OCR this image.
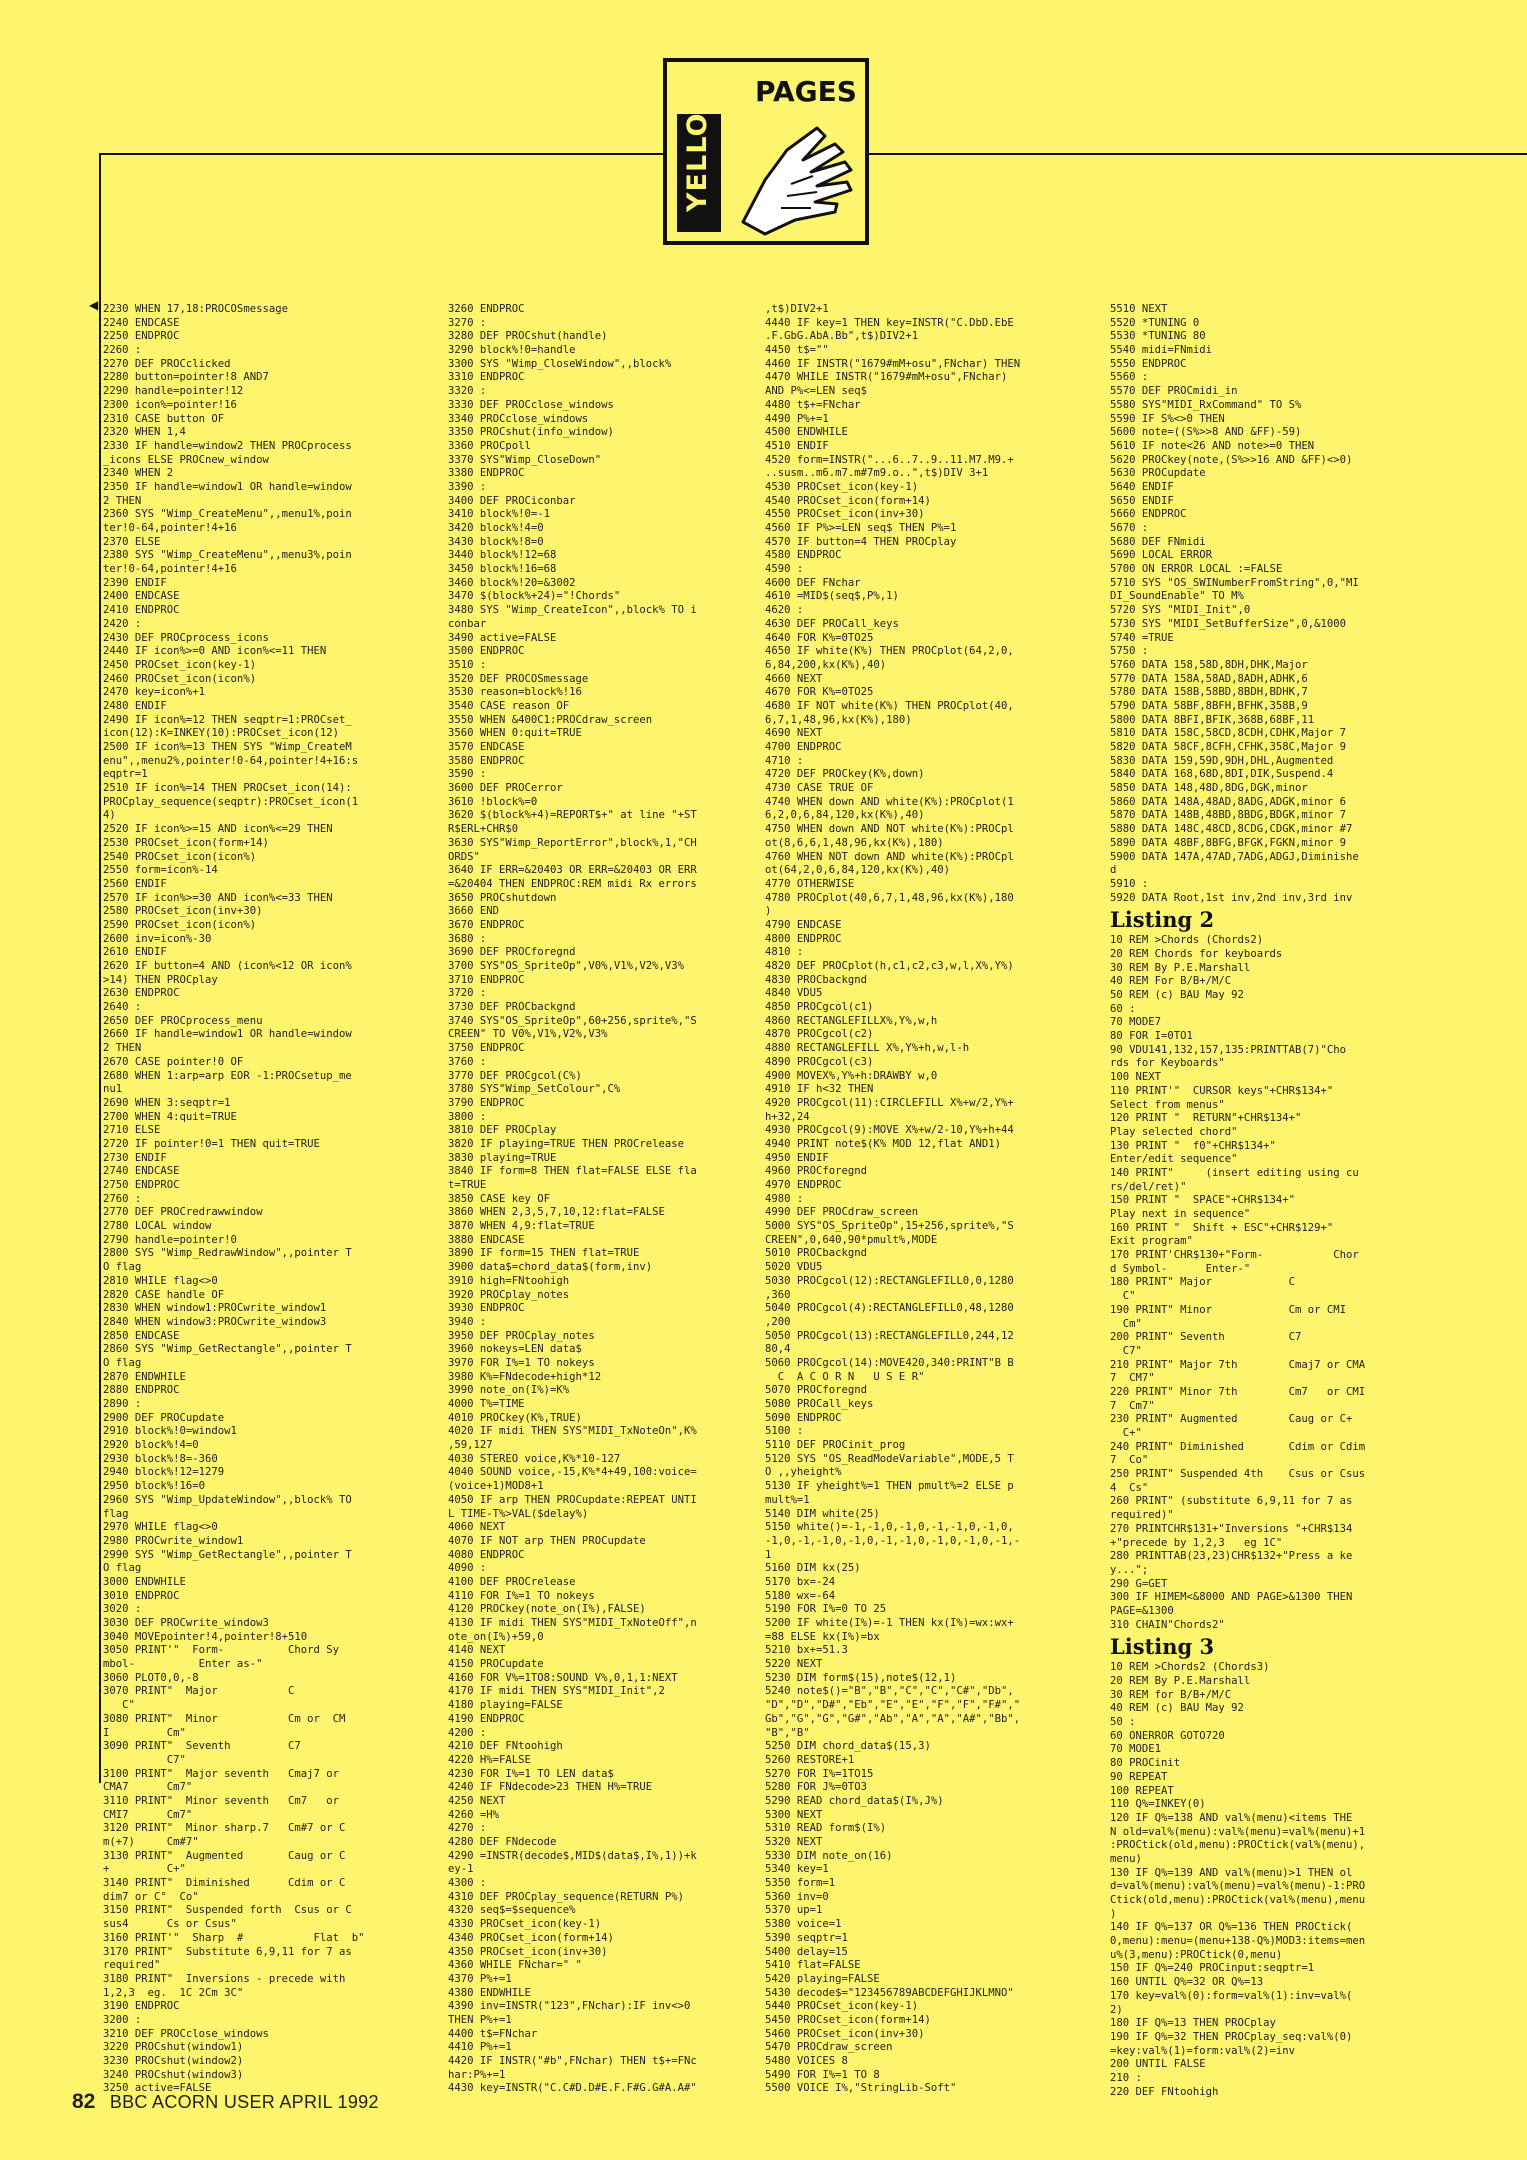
PAGES

YELLOW

◀ 2230 WHEN 17,18:PROCOSmessage
2240 ENDCASE
2250 ENDPROC
2260 :
2270 DEF PROCclicked
2280 button=pointer!8 AND7
2290 handle=pointer!12
2300 icon%=pointer!16
2310 CASE button OF
2320 WHEN 1,4
2330 IF handle=window2 THEN PROCprocess
_icons ELSE PROCnew_window
2340 WHEN 2
2350 IF handle=window1 OR handle=window
2 THEN
2360 SYS "Wimp_CreateMenu",,menu1%,poin
ter!0-64,pointer!4+16
2370 ELSE
2380 SYS "Wimp_CreateMenu",,menu3%,poin
ter!0-64,pointer!4+16
2390 ENDIF
2400 ENDCASE
2410 ENDPROC
2420 :
2430 DEF PROCprocess_icons
2440 IF icon%>=0 AND icon%<=11 THEN
2450 PROCset_icon(key-1)
2460 PROCset_icon(icon%)
2470 key=icon%+1
2480 ENDIF
2490 IF icon%=12 THEN seqptr=1:PROCset_
icon(12):K=INKEY(10):PROCset_icon(12)
2500 IF icon%=13 THEN SYS "Wimp_CreateM
enu",,menu2%,pointer!0-64,pointer!4+16:s
eqptr=1
2510 IF icon%=14 THEN PROCset_icon(14):
PROCplay_sequence(seqptr):PROCset_icon(1
4)
2520 IF icon%>=15 AND icon%<=29 THEN
2530 PROCset_icon(form+14)
2540 PROCset_icon(icon%)
2550 form=icon%-14
2560 ENDIF
2570 IF icon%>=30 AND icon%<=33 THEN
2580 PROCset_icon(inv+30)
2590 PROCset_icon(icon%)
2600 inv=icon%-30
2610 ENDIF
2620 IF button=4 AND (icon%<12 OR icon%
>14) THEN PROCplay
2630 ENDPROC
2640 :
2650 DEF PROCprocess_menu
2660 IF handle=window1 OR handle=window
2 THEN
2670 CASE pointer!0 OF
2680 WHEN 1:arp=arp EOR -1:PROCsetup_me
nu1
2690 WHEN 3:seqptr=1
2700 WHEN 4:quit=TRUE
2710 ELSE
2720 IF pointer!0=1 THEN quit=TRUE
2730 ENDIF
2740 ENDCASE
2750 ENDPROC
2760 :
2770 DEF PROCredrawwindow
2780 LOCAL window
2790 handle=pointer!0
2800 SYS "Wimp_RedrawWindow",,pointer T
O flag
2810 WHILE flag<>0
2820 CASE handle OF
2830 WHEN window1:PROCwrite_window1
2840 WHEN window3:PROCwrite_window3
2850 ENDCASE
2860 SYS "Wimp_GetRectangle",,pointer T
O flag
2870 ENDWHILE
2880 ENDPROC
2890 :
2900 DEF PROCupdate
2910 block%!0=window1
2920 block%!4=0
2930 block%!8=-360
2940 block%!12=1279
2950 block%!16=0
2960 SYS "Wimp_UpdateWindow",,block% TO
flag
2970 WHILE flag<>0
2980 PROCwrite_window1
2990 SYS "Wimp_GetRectangle",,pointer T
O flag
3000 ENDWHILE
3010 ENDPROC
3020 :
3030 DEF PROCwrite_window3
3040 MOVEpointer!4,pointer!8+510
3050 PRINT'"  Form-          Chord Sy
mbol-          Enter as-"
3060 PLOT0,0,-8
3070 PRINT"  Major           C
C"
3080 PRINT"  Minor           Cm or  CM
I         Cm"
3090 PRINT"  Seventh         C7
C7"
3100 PRINT"  Major seventh   Cmaj7 or
CMA7      Cm7"
3110 PRINT"  Minor seventh   Cm7   or
CMI7      Cm7"
3120 PRINT"  Minor sharp.7   Cm#7 or C
m(+7)     Cm#7"
3130 PRINT"  Augmented       Caug or C
+         C+"
3140 PRINT"  Diminished      Cdim or C
dim7 or C°  Co"
3150 PRINT"  Suspended forth  Csus or C
sus4      Cs or Csus"
3160 PRINT'"  Sharp  #           Flat  b"
3170 PRINT"  Substitute 6,9,11 for 7 as
required"
3180 PRINT"  Inversions - precede with
1,2,3  eg.  1C 2Cm 3C"
3190 ENDPROC
3200 :
3210 DEF PROCclose_windows
3220 PROCshut(window1)
3230 PROCshut(window2)
3240 PROCshut(window3)
3250 active=FALSE
3260 ENDPROC
3270 :
3280 DEF PROCshut(handle)
3290 block%!0=handle
3300 SYS "Wimp_CloseWindow",,block%
3310 ENDPROC
3320 :
3330 DEF PROCclose_windows
3340 PROCclose_windows
3350 PROCshut(info_window)
3360 PROCpoll
3370 SYS"Wimp_CloseDown"
3380 ENDPROC
3390 :
3400 DEF PROCiconbar
3410 block%!0=-1
3420 block%!4=0
3430 block%!8=0
3440 block%!12=68
3450 block%!16=68
3460 block%!20=&3002
3470 $(block%+24)="!Chords"
3480 SYS "Wimp_CreateIcon",,block% TO i
conbar
3490 active=FALSE
3500 ENDPROC
3510 :
3520 DEF PROCOSmessage
3530 reason=block%!16
3540 CASE reason OF
3550 WHEN &400C1:PROCdraw_screen
3560 WHEN 0:quit=TRUE
3570 ENDCASE
3580 ENDPROC
3590 :
3600 DEF PROCerror
3610 !block%=0
3620 $(block%+4)=REPORT$+" at line "+ST
R$ERL+CHR$0
3630 SYS"Wimp_ReportError",block%,1,"CH
ORDS"
3640 IF ERR=&20403 OR ERR=&20403 OR ERR
=&20404 THEN ENDPROC:REM midi Rx errors
3650 PROCshutdown
3660 END
3670 ENDPROC
3680 :
3690 DEF PROCforegnd
3700 SYS"OS_SpriteOp",V0%,V1%,V2%,V3%
3710 ENDPROC
3720 :
3730 DEF PROCbackgnd
3740 SYS"OS_SpriteOp",60+256,sprite%,"S
CREEN" TO V0%,V1%,V2%,V3%
3750 ENDPROC
3760 :
3770 DEF PROCgcol(C%)
3780 SYS"Wimp_SetColour",C%
3790 ENDPROC
3800 :
3810 DEF PROCplay
3820 IF playing=TRUE THEN PROCrelease
3830 playing=TRUE
3840 IF form=8 THEN flat=FALSE ELSE fla
t=TRUE
3850 CASE key OF
3860 WHEN 2,3,5,7,10,12:flat=FALSE
3870 WHEN 4,9:flat=TRUE
3880 ENDCASE
3890 IF form=15 THEN flat=TRUE
3900 data$=chord_data$(form,inv)
3910 high=FNtoohigh
3920 PROCplay_notes
3930 ENDPROC
3940 :
3950 DEF PROCplay_notes
3960 nokeys=LEN data$
3970 FOR I%=1 TO nokeys
3980 K%=FNdecode+high*12
3990 note_on(I%)=K%
4000 T%=TIME
4010 PROCkey(K%,TRUE)
4020 IF midi THEN SYS"MIDI_TxNoteOn",K%
,59,127
4030 STEREO voice,K%*10-127
4040 SOUND voice,-15,K%*4+49,100:voice=
(voice+1)MOD8+1
4050 IF arp THEN PROCupdate:REPEAT UNTI
L TIME-T%>VAL($delay%)
4060 NEXT
4070 IF NOT arp THEN PROCupdate
4080 ENDPROC
4090 :
4100 DEF PROCrelease
4110 FOR I%=1 TO nokeys
4120 PROCkey(note_on(I%),FALSE)
4130 IF midi THEN SYS"MIDI_TxNoteOff",n
ote_on(I%)+59,0
4140 NEXT
4150 PROCupdate
4160 FOR V%=1TO8:SOUND V%,0,1,1:NEXT
4170 IF midi THEN SYS"MIDI_Init",2
4180 playing=FALSE
4190 ENDPROC
4200 :
4210 DEF FNtoohigh
4220 H%=FALSE
4230 FOR I%=1 TO LEN data$
4240 IF FNdecode>23 THEN H%=TRUE
4250 NEXT
4260 =H%
4270 :
4280 DEF FNdecode
4290 =INSTR(decode$,MID$(data$,I%,1))+k
ey-1
4300 :
4310 DEF PROCplay_sequence(RETURN P%)
4320 seq$=$sequence%
4330 PROCset_icon(key-1)
4340 PROCset_icon(form+14)
4350 PROCset_icon(inv+30)
4360 WHILE FNchar=" "
4370 P%+=1
4380 ENDWHILE
4390 inv=INSTR("123",FNchar):IF inv<>0
THEN P%+=1
4400 t$=FNchar
4410 P%+=1
4420 IF INSTR("#b",FNchar) THEN t$+=FNc
har:P%+=1
4430 key=INSTR("C.C#D.D#E.F.F#G.G#A.A#"
,t$)DIV2+1
4440 IF key=1 THEN key=INSTR("C.DbD.EbE
.F.GbG.AbA.Bb",t$)DIV2+1
4450 t$=""
4460 IF INSTR("1679#mM+osu",FNchar) THEN
4470 WHILE INSTR("1679#mM+osu",FNchar)
AND P%<=LEN seq$
4480 t$+=FNchar
4490 P%+=1
4500 ENDWHILE
4510 ENDIF
4520 form=INSTR("...6..7..9..11.M7.M9.+
..susm..m6.m7.m#7m9.o..",t$)DIV 3+1
4530 PROCset_icon(key-1)
4540 PROCset_icon(form+14)
4550 PROCset_icon(inv+30)
4560 IF P%>=LEN seq$ THEN P%=1
4570 IF button=4 THEN PROCplay
4580 ENDPROC
4590 :
4600 DEF FNchar
4610 =MID$(seq$,P%,1)
4620 :
4630 DEF PROCall_keys
4640 FOR K%=0TO25
4650 IF white(K%) THEN PROCplot(64,2,0,
6,84,200,kx(K%),40)
4660 NEXT
4670 FOR K%=0TO25
4680 IF NOT white(K%) THEN PROCplot(40,
6,7,1,48,96,kx(K%),180)
4690 NEXT
4700 ENDPROC
4710 :
4720 DEF PROCkey(K%,down)
4730 CASE TRUE OF
4740 WHEN down AND white(K%):PROCplot(1
6,2,0,6,84,120,kx(K%),40)
4750 WHEN down AND NOT white(K%):PROCpl
ot(8,6,6,1,48,96,kx(K%),180)
4760 WHEN NOT down AND white(K%):PROCpl
ot(64,2,0,6,84,120,kx(K%),40)
4770 OTHERWISE
4780 PROCplot(40,6,7,1,48,96,kx(K%),180
)
4790 ENDCASE
4800 ENDPROC
4810 :
4820 DEF PROCplot(h,c1,c2,c3,w,l,X%,Y%)
4830 PROCbackgnd
4840 VDU5
4850 PROCgcol(c1)
4860 RECTANGLEFILLX%,Y%,w,h
4870 PROCgcol(c2)
4880 RECTANGLEFILL X%,Y%+h,w,l-h
4890 PROCgcol(c3)
4900 MOVEX%,Y%+h:DRAWBY w,0
4910 IF h<32 THEN
4920 PROCgcol(11):CIRCLEFILL X%+w/2,Y%+
h+32,24
4930 PROCgcol(9):MOVE X%+w/2-10,Y%+h+44
4940 PRINT note$(K% MOD 12,flat AND1)
4950 ENDIF
4960 PROCforegnd
4970 ENDPROC
4980 :
4990 DEF PROCdraw_screen
5000 SYS"OS_SpriteOp",15+256,sprite%,"S
CREEN",0,640,90*pmult%,MODE
5010 PROCbackgnd
5020 VDU5
5030 PROCgcol(12):RECTANGLEFILL0,0,1280
,360
5040 PROCgcol(4):RECTANGLEFILL0,48,1280
,200
5050 PROCgcol(13):RECTANGLEFILL0,244,12
80,4
5060 PROCgcol(14):MOVE420,340:PRINT"B B
C  A C O R N   U S E R"
5070 PROCforegnd
5080 PROCall_keys
5090 ENDPROC
5100 :
5110 DEF PROCinit_prog
5120 SYS "OS_ReadModeVariable",MODE,5 T
O ,,yheight%
5130 IF yheight%=1 THEN pmult%=2 ELSE p
mult%=1
5140 DIM white(25)
5150 white()=-1,-1,0,-1,0,-1,-1,0,-1,0,
-1,0,-1,-1,0,-1,0,-1,-1,0,-1,0,-1,0,-1,-
1
5160 DIM kx(25)
5170 bx=-24
5180 wx=-64
5190 FOR I%=0 TO 25
5200 IF white(I%)=-1 THEN kx(I%)=wx:wx+
=88 ELSE kx(I%)=bx
5210 bx+=51.3
5220 NEXT
5230 DIM form$(15),note$(12,1)
5240 note$()="B","B","C","C","C#","Db",
"D","D","D#","Eb","E","E","F","F","F#","
Gb","G","G","G#","Ab","A","A","A#","Bb",
"B","B"
5250 DIM chord_data$(15,3)
5260 RESTORE+1
5270 FOR I%=1TO15
5280 FOR J%=0TO3
5290 READ chord_data$(I%,J%)
5300 NEXT
5310 READ form$(I%)
5320 NEXT
5330 DIM note_on(16)
5340 key=1
5350 form=1
5360 inv=0
5370 up=1
5380 voice=1
5390 seqptr=1
5400 delay=15
5410 flat=FALSE
5420 playing=FALSE
5430 decode$="123456789ABCDEFGHIJKLMNO"
5440 PROCset_icon(key-1)
5450 PROCset_icon(form+14)
5460 PROCset_icon(inv+30)
5470 PROCdraw_screen
5480 VOICES 8
5490 FOR I%=1 TO 8
5500 VOICE I%,"StringLib-Soft"
5510 NEXT
5520 *TUNING 0
5530 *TUNING 80
5540 midi=FNmidi
5550 ENDPROC
5560 :
5570 DEF PROCmidi_in
5580 SYS"MIDI_RxCommand" TO S%
5590 IF S%<>0 THEN
5600 note=((S%>>8 AND &FF)-59)
5610 IF note<26 AND note>=0 THEN
5620 PROCkey(note,(S%>>16 AND &FF)<>0)
5630 PROCupdate
5640 ENDIF
5650 ENDIF
5660 ENDPROC
5670 :
5680 DEF FNmidi
5690 LOCAL ERROR
5700 ON ERROR LOCAL :=FALSE
5710 SYS "OS_SWINumberFromString",0,"MI
DI_SoundEnable" TO M%
5720 SYS "MIDI_Init",0
5730 SYS "MIDI_SetBufferSize",0,&1000
5740 =TRUE
5750 :
5760 DATA 158,58D,8DH,DHK,Major
5770 DATA 158A,58AD,8ADH,ADHK,6
5780 DATA 158B,58BD,8BDH,BDHK,7
5790 DATA 58BF,8BFH,BFHK,358B,9
5800 DATA 8BFI,BFIK,368B,68BF,11
5810 DATA 158C,58CD,8CDH,CDHK,Major 7
5820 DATA 58CF,8CFH,CFHK,358C,Major 9
5830 DATA 159,59D,9DH,DHL,Augmented
5840 DATA 168,68D,8DI,DIK,Suspend.4
5850 DATA 148,48D,8DG,DGK,minor
5860 DATA 148A,48AD,8ADG,ADGK,minor 6
5870 DATA 148B,48BD,8BDG,BDGK,minor 7
5880 DATA 148C,48CD,8CDG,CDGK,minor #7
5890 DATA 48BF,8BFG,BFGK,FGKN,minor 9
5900 DATA 147A,47AD,7ADG,ADGJ,Diminishe
d
5910 :
5920 DATA Root,1st inv,2nd inv,3rd inv
Listing 2
10 REM >Chords (Chords2)
20 REM Chords for keyboards
30 REM By P.E.Marshall
40 REM For B/B+/M/C
50 REM (c) BAU May 92
60 :
70 MODE7
80 FOR I=0TO1
90 VDU141,132,157,135:PRINTTAB(7)"Cho
rds for Keyboards"
100 NEXT
110 PRINT'"  CURSOR keys"+CHR$134+"
Select from menus"
120 PRINT "  RETURN"+CHR$134+"
Play selected chord"
130 PRINT "  f0"+CHR$134+"
Enter/edit sequence"
140 PRINT"     (insert editing using cu
rs/del/ret)"
150 PRINT "  SPACE"+CHR$134+"
Play next in sequence"
160 PRINT "  Shift + ESC"+CHR$129+"
Exit program"
170 PRINT'CHR$130+"Form-           Chor
d Symbol-      Enter-"
180 PRINT" Major            C
C"
190 PRINT" Minor            Cm or CMI
Cm"
200 PRINT" Seventh          C7
C7"
210 PRINT" Major 7th        Cmaj7 or CMA
7  CM7"
220 PRINT" Minor 7th        Cm7   or CMI
7  Cm7"
230 PRINT" Augmented        Caug or C+
C+"
240 PRINT" Diminished       Cdim or Cdim
7  Co"
250 PRINT" Suspended 4th    Csus or Csus
4  Cs"
260 PRINT" (substitute 6,9,11 for 7 as
required)"
270 PRINTCHR$131+"Inversions "+CHR$134
+"precede by 1,2,3   eg 1C"
280 PRINTTAB(23,23)CHR$132+"Press a ke
y...";
290 G=GET
300 IF HIMEM<&8000 AND PAGE>&1300 THEN
PAGE=&1300
310 CHAIN"Chords2"
Listing 3
10 REM >Chords2 (Chords3)
20 REM By P.E.Marshall
30 REM for B/B+/M/C
40 REM (c) BAU May 92
50 :
60 ONERROR GOTO720
70 MODE1
80 PROCinit
90 REPEAT
100 REPEAT
110 Q%=INKEY(0)
120 IF Q%=138 AND val%(menu)<items THE
N old=val%(menu):val%(menu)=val%(menu)+1
:PROCtick(old,menu):PROCtick(val%(menu),
menu)
130 IF Q%=139 AND val%(menu)>1 THEN ol
d=val%(menu):val%(menu)=val%(menu)-1:PRO
Ctick(old,menu):PROCtick(val%(menu),menu
)
140 IF Q%=137 OR Q%=136 THEN PROCtick(
0,menu):menu=(menu+138-Q%)MOD3:items=men
u%(3,menu):PROCtick(0,menu)
150 IF Q%=240 PROCinput:seqptr=1
160 UNTIL Q%=32 OR Q%=13
170 key=val%(0):form=val%(1):inv=val%(
2)
180 IF Q%=13 THEN PROCplay
190 IF Q%=32 THEN PROCplay_seq:val%(0)
=key:val%(1)=form:val%(2)=inv
200 UNTIL FALSE
210 :
220 DEF FNtoohigh
82 BBC ACORN USER APRIL 1992
